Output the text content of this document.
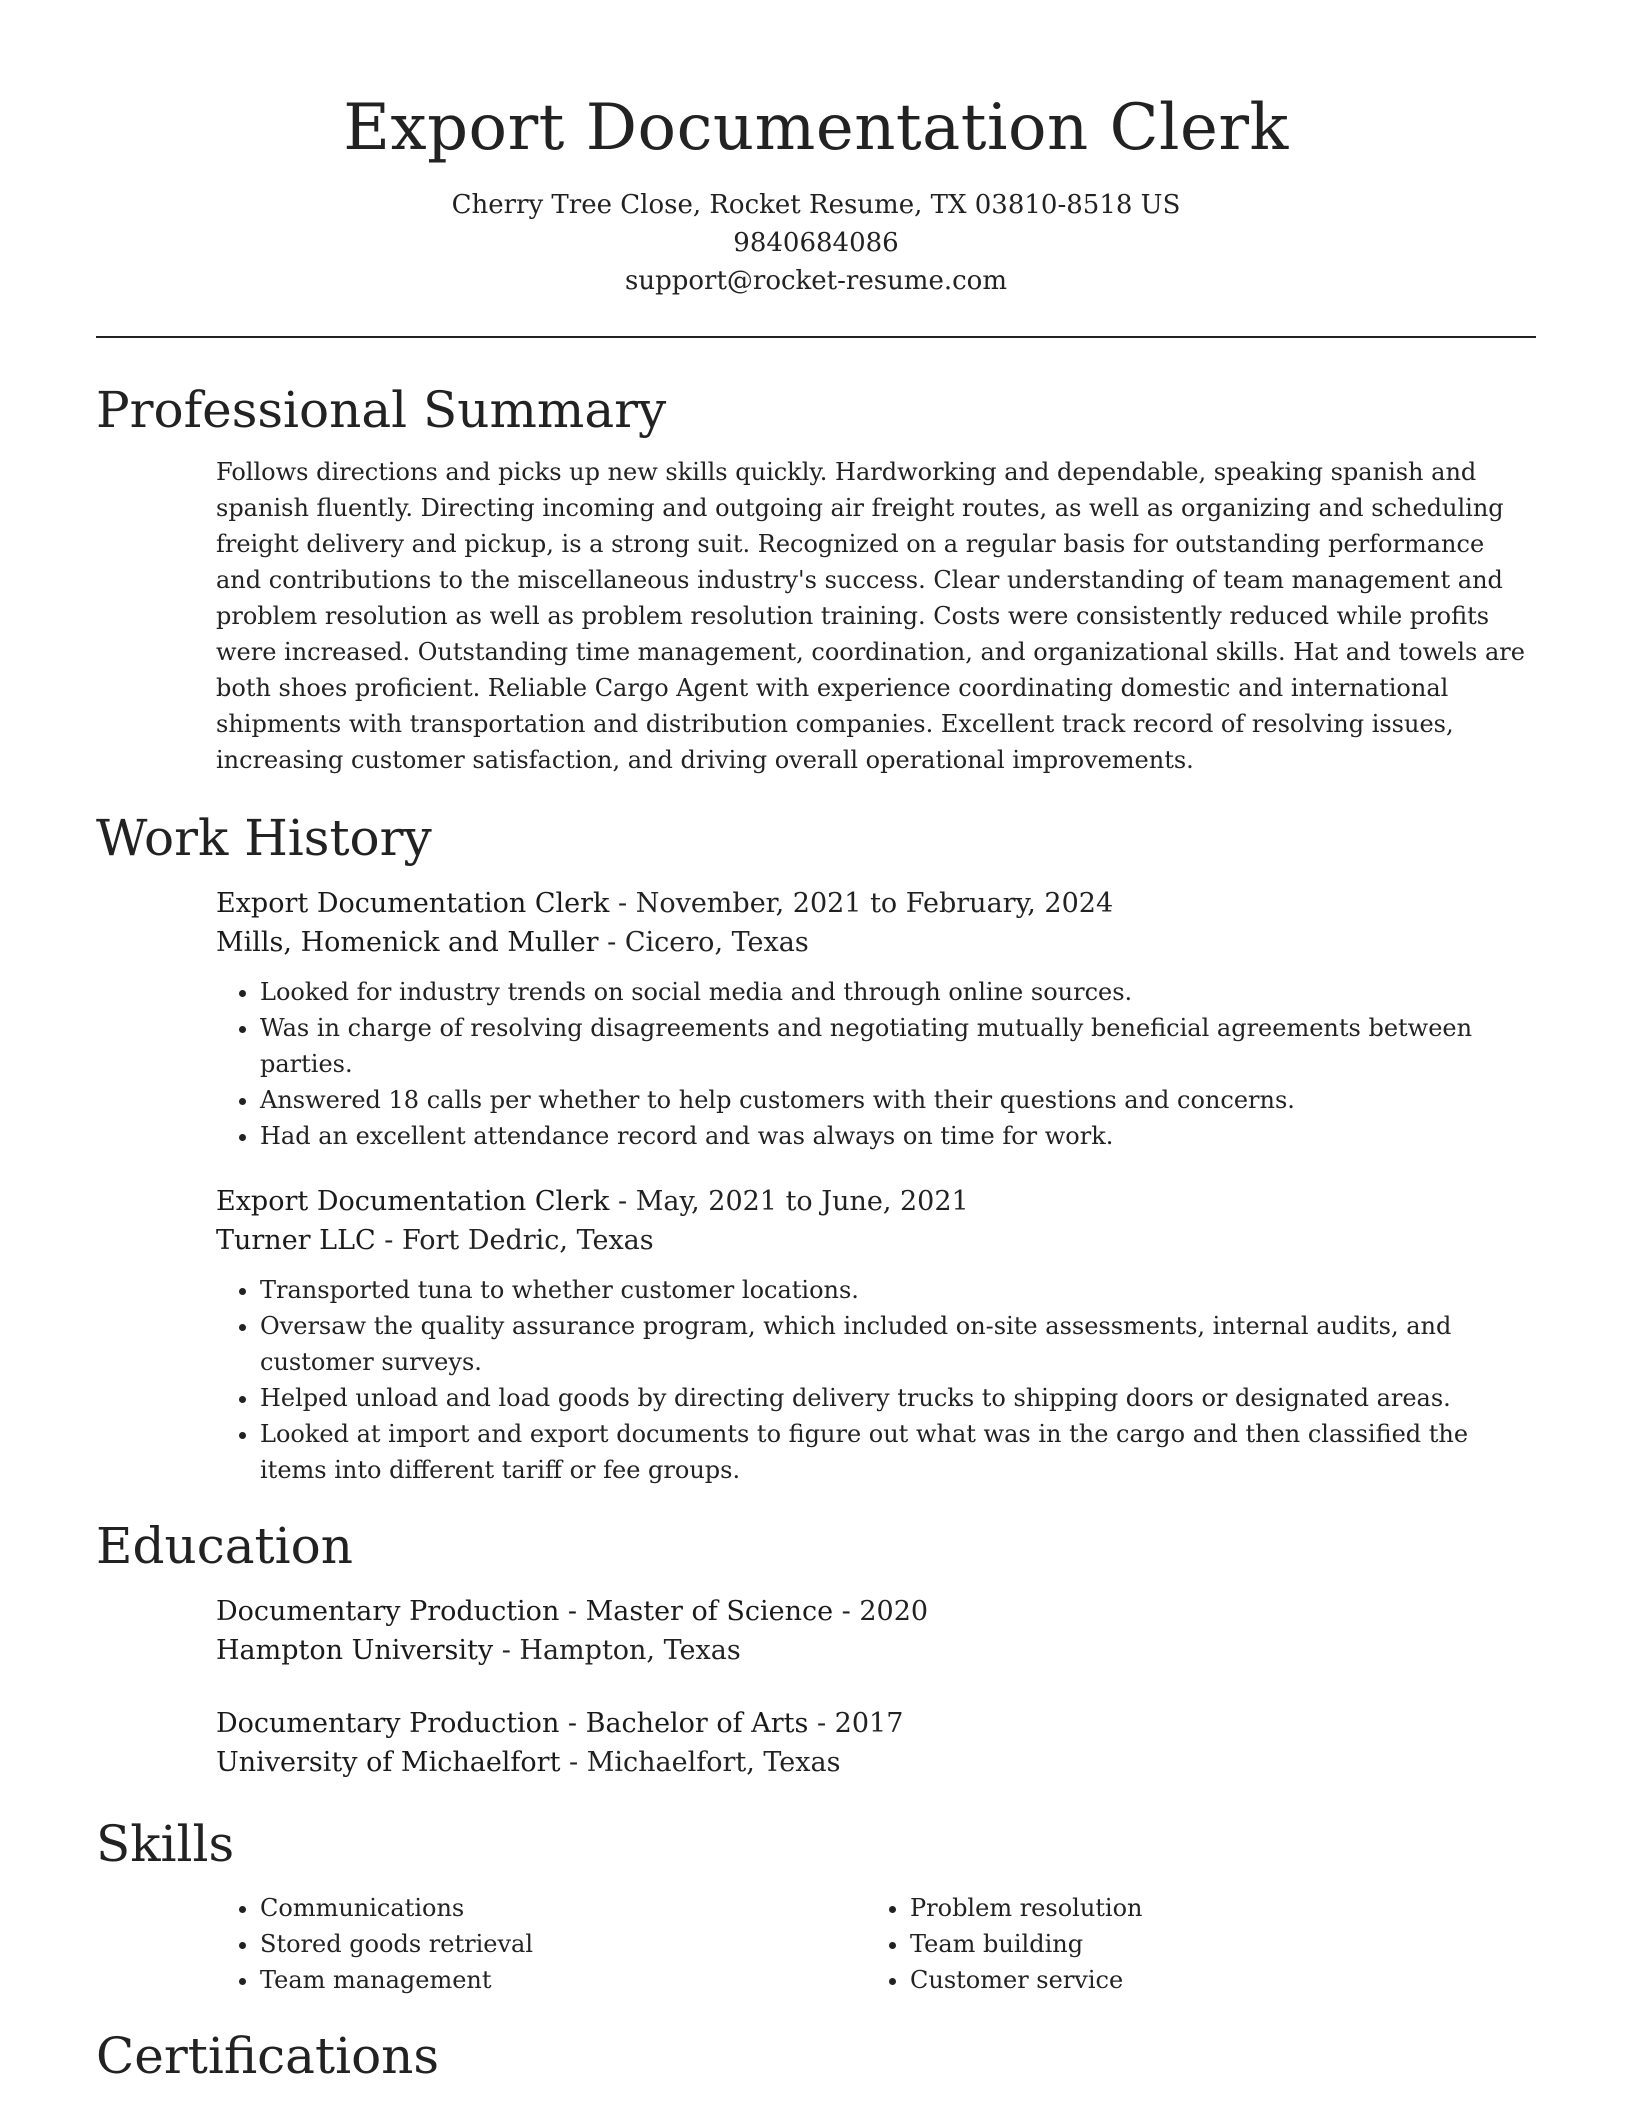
Export Documentation Clerk

Cherry Tree Close, Rocket Resume, TX 03810-8518 US

9840684086

support@rocket-resume.com

Professional Summary

Follows directions and picks up new skills quickly. Hardworking and dependable, speaking spanish and spanish fluently. Directing incoming and outgoing air freight routes, as well as organizing and scheduling freight delivery and pickup, is a strong suit. Recognized on a regular basis for outstanding performance and contributions to the miscellaneous industry's success. Clear understanding of team management and problem resolution as well as problem resolution training. Costs were consistently reduced while profits were increased. Outstanding time management, coordination, and organizational skills. Hat and towels are both shoes proficient. Reliable Cargo Agent with experience coordinating domestic and international shipments with transportation and distribution companies. Excellent track record of resolving issues, increasing customer satisfaction, and driving overall operational improvements.

Work History

Export Documentation Clerk - November, 2021 to February, 2024

Mills, Homenick and Muller - Cicero, Texas

• Looked for industry trends on social media and through online sources.
• Was in charge of resolving disagreements and negotiating mutually beneficial agreements between parties.
• Answered 18 calls per whether to help customers with their questions and concerns.
• Had an excellent attendance record and was always on time for work.

Export Documentation Clerk - May, 2021 to June, 2021

Turner LLC - Fort Dedric, Texas

• Transported tuna to whether customer locations.
• Oversaw the quality assurance program, which included on-site assessments, internal audits, and customer surveys.
• Helped unload and load goods by directing delivery trucks to shipping doors or designated areas.
• Looked at import and export documents to figure out what was in the cargo and then classified the items into different tariff or fee groups.
Education

Documentary Production - Master of Science - 2020

Hampton University - Hampton, Texas

Documentary Production - Bachelor of Arts - 2017

University of Michaelfort - Michaelfort, Texas

Skills
• Communications
• Stored goods retrieval
• Team management
• Problem resolution
• Team building
• Customer service
Certifications
